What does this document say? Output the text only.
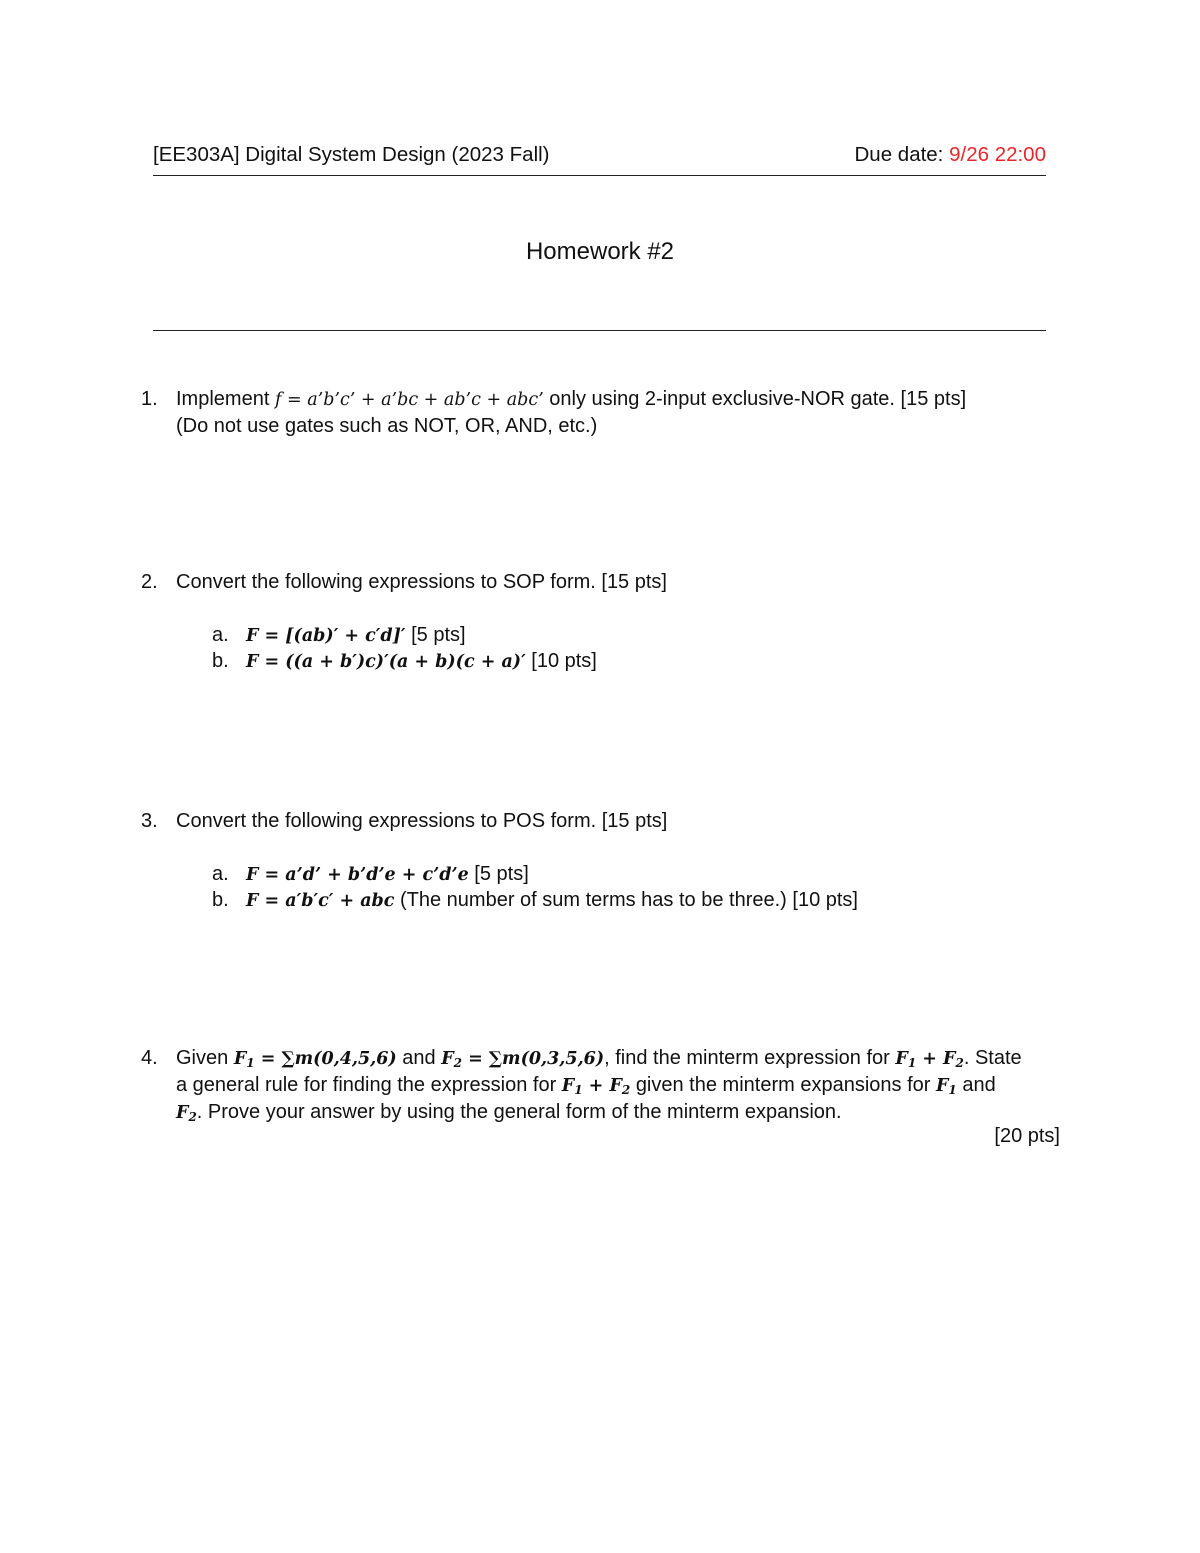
[EE303A] Digital System Design (2023 Fall)	Due date: 9/26 22:00
Homework #2
1. Implement f = a’b’c’ + a’bc + ab’c + abc’ only using 2-input exclusive-NOR gate. [15 pts]
(Do not use gates such as NOT, OR, AND, etc.)
2. Convert the following expressions to SOP form. [15 pts]
a. F = [(ab)′ + c′d]′ [5 pts]
b. F = ((a + b′)c)′(a + b)(c + a)′ [10 pts]
3. Convert the following expressions to POS form. [15 pts]
a. F = a’d’ + b’d’e + c’d’e [5 pts]
b. F = a′b′c′ + abc (The number of sum terms has to be three.) [10 pts]
4. Given $F_1 = \sum m(0,4,5,6)$ and $F_2 = \sum m(0,3,5,6)$, find the minterm expression for $F_1 + F_2$. State
a general rule for finding the expression for $F_1 + F_2$ given the minterm expansions for $F_1$ and
$F_2$. Prove your answer by using the general form of the minterm expansion.
[20 pts]
